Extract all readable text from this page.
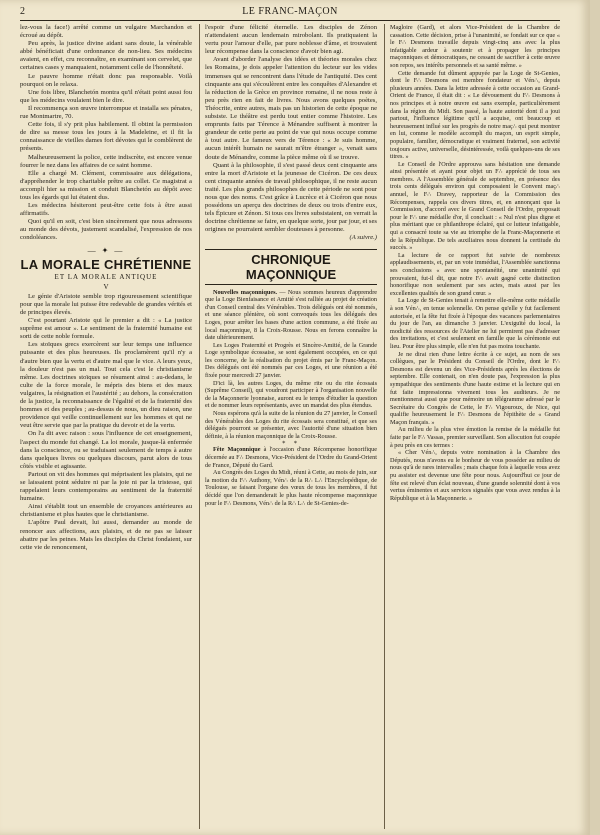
2	LE FRANC-MAÇON

lez-vous la face!) arrêté comme un vulgaire Marchandon et écroué au dépôt.

Peu après, la justice divine aidant sans doute, la vénérable abbé bénéficiait d'une ordonnance de non-lieu. Ses médecins avaient, en effet, cru reconnaître, en examinant son cervelet, que certaines cases y manquaient, notamment celle de l'honnêteté.

Le pauvre homme n'était donc pas responsable. Voilà pourquoi on le relaxa.

Une fois libre, Blanchetón montra qu'il n'était point aussi fou que les médecins voulaient bien le dire.

Il recommença son œuvre interrompue et installa ses pénates, rue Montmartre, 70.

Cette fois, il s'y prit plus habilement. Il obtint la permission de dire sa messe tous les jours à la Madeleine, et il fit la connaissance de vieilles dames fort dévotes qui le comblèrent de présents.

Malheureusement la police, cette indiscrète, est encore venue fourrer le nez dans les affaires de ce saint homme.

Elle a chargé M. Clément, commissaire aux délégations, d'appréhender le trop charitable prêtre au collet. Ce magistrat a accompli hier sa mission et conduit Blanchetón au dépôt avec tous les égards qui lui étaient dus.

Les médecins hésiteront peut-être cette fois à être aussi affirmatifs.

Quoi qu'il en soit, c'est bien sincèrement que nous adressons au monde des dévots, justement scandalisé, l'expression de nos condoléances.

— ✦ —
LA MORALE CHRÉTIENNE
ET LA MORALE ANTIQUE
V

Le génie d'Aristote semble trop rigoureusement scientifique pour que la morale lui puisse être redevable de grandes vérités et de principes élevés.

C'est pourtant Aristote qui le premier a dit : « La justice suprême est amour ». Le sentiment de la fraternité humaine est sorti de cette noble formule.

Les stoïques grecs exercèrent sur leur temps une influence puissante et des plus heureuses. Ils proclamèrent qu'il n'y a d'autre bien que la vertu et d'autre mal que le vice. A leurs yeux, la douleur n'est pas un mal. Tout cela c'est le christianisme même. Les doctrines stoïques se résument ainsi : au-dedans, le culte de la force morale, le mépris des biens et des maux vulgaires, la résignation et l'austérité ; au dehors, la consécration de la justice, la reconnaissance de l'égalité et de la fraternité des hommes et des peuples ; au-dessus de nous, un dieu raison, une providence qui veille continuellement sur les hommes et qui ne veut être servie que par la pratique du devoir et de la vertu.

On l'a dit avec raison : sous l'influence de cet enseignement, l'aspect du monde fut changé. La loi morale, jusque-là enfermée dans la conscience, ou se traduisant seulement de temps à autre dans quelques livres ou quelques discours, parut alors de tous côtés visible et agissante.

Partout on vit des hommes qui méprisaient les plaisirs, qui ne se laissaient point séduire ni par la joie ni par la tristesse, qui rappelaient leurs contemporains au sentiment de la fraternité humaine.

Ainsi s'établit tout un ensemble de croyances antérieures au christianisme et plus hautes que le christianisme.

L'apôtre Paul devait, lui aussi, demander au monde de renoncer aux affections, aux plaisirs, et de ne pas se laisser abattre par les peines. Mais les disciples du Christ fondaient, sur cette vie de renoncement,

l'espoir d'une félicité éternelle. Les disciples de Zénon n'attendaient aucun lendemain mirobolant. Ils pratiquaient la vertu pour l'amour d'elle, par pure noblesse d'âme, et trouvaient leur récompense dans la conscience d'avoir bien agi.

Avant d'aborder l'analyse des idées et théories morales chez les Romains, je dois appeler l'attention du lecteur sur les vides immenses qui se rencontrent dans l'étude de l'antiquité. Des cent cinquante ans qui s'écoulèrent entre les conquêtes d'Alexandre et la réduction de la Grèce en province romaine, il ne nous reste à peu près rien en fait de livres. Nous avons quelques poètes, Théocrite, entre autres, mais pas un historien de cette époque ne subsiste. Le théâtre est perdu tout entier comme l'histoire. Les emprunts faits par Térence à Ménandre suffisent à montrer la grandeur de cette perte au point de vue qui nous occupe comme à tout autre. Le fameux vers de Térence : « Je suis homme, aucun intérêt humain ne saurait m'être étranger », venait sans doute de Ménandre, comme la pièce même où il se trouve.

Quant à la philosophie, il s'est passé deux cent cinquante ans entre la mort d'Aristote et la jeunesse de Cicéron. De ces deux cent cinquante années de travail philosophique, il ne reste aucun traité. Les plus grands philosophes de cette période ne sont pour nous que des noms. C'est grâce à Lucrèce et à Cicéron que nous possédons un aperçu des doctrines de deux ou trois d'entre eux, tels Épicure et Zénon. Si tous ces livres subsistaient, on verrait la doctrine chrétienne se faire, en quelque sorte, jour par jour, et ses origines ne pourraient sembler douteuses à personne.

(A suivre.)
CHRONIQUE MAÇONNIQUE

Nouvelles maçonniques. — Nous sommes heureux d'apprendre que la Loge Bienfaisance et Amitié s'est ralliée au projet de création d'un Conseil central des Vénérables. Trois délégués ont été nommés, et une séance plénière, où sont convoqués tous les délégués des Loges, pour arrêter les bases d'une action commune, a été fixée au local maçonnique, 8 la Croix-Rousse. Nous en ferons connaître la date ultérieurement.

Les Loges Fraternité et Progrès et Sincère-Amitié, de la Grande Loge symbolique écossaise, se sont également occupées, en ce qui les concerne, de la réalisation du projet émis par le Franc-Maçon. Des délégués ont été nommés par ces Loges, et une réunion a été fixée pour mercredi 27 janvier.

D'ici là, les autres Loges, du même rite ou du rite écossais (Suprême Conseil), qui voudront participer à l'organisation nouvelle de la Maçonnerie lyonnaise, auront eu le temps d'étudier la question et de nommer leurs représentants, avec un mandat des plus étendus.

Nous espérons qu'à la suite de la réunion du 27 janvier, le Conseil des Vénérables des Loges du rite écossais sera constitué, et que ses délégués pourront se présenter, avec l'autorité d'une situation bien définie, à la réunion maçonnique de la Croix-Rousse.

∗ ∗

Fête Maçonnique à l'occasion d'une Récompense honorifique décernée au F∴ Desmons, Vice-Président de l'Ordre du Grand-Orient de France, Député du Gard.

Au Congrès des Loges du Midi, réuni à Cette, au mois de juin, sur la motion du F∴ Authony, Vén∴ de la R∴ L∴ l'Encyclopédique, de Toulouse, se faisant l'organe des vœux de tous les membres, il fut décidé que l'on demanderait le plus haute récompense maçonnique pour le F∴ Desmons, Vén∴ de la R∴ L∴ de St-Genies-de-

Magloire (Gard), et alors Vice-Président de la Chambre de cassation. Cette décision, prise à l'unanimité, se fondait sur ce que « le F∴ Desmons travaille depuis vingt-cinq ans avec la plus infatigable ardeur à soutenir et à propager les principes maçonniques et démocratiques, ne cessant de sacrifier à cette œuvre son repos, ses intérêts personnels et sa santé même. »

Cette demande fut dûment appuyée par la Loge de St-Genies, dont le F∴ Desmons est membre fondateur et Vén∴, depuis plusieurs années. Dans la lettre adressée à cette occasion au Grand-Orient de France, il était dit : « Le dévouement du F∴ Desmons à nos principes et à notre œuvre est sans exemple, particulièrement dans la région du Midi. Son passé, la haute autorité dont il a joui partout, l'influence légitime qu'il a acquise, ont beaucoup et heureusement influé sur les progrès de notre maç∴ qui peut montrer en lui, comme le modèle accompli du maçon, un esprit simple, populaire, familier, démocratique et vraiment fraternel, son activité toujours active, universelle, désintéressée, voilà quelques-uns de ses titres. »

Le Conseil de l'Ordre approuva sans hésitation une demande ainsi présentée et ayant pour objet un F∴ apprécié de tous ses membres. A l'Assemblée générale de septembre, en présence des trois cents délégués environ qui composaient le Convent maç∴ annuel, le F∴ Dravey, rapporteur de la Commission des Récompenses, rappela ces divers titres, et, en annonçant que la Commission, d'accord avec le Grand Conseil de l'Ordre, proposait pour le F∴ une médaille d'or, il concluait : « Nul n'est plus digne et plus méritant que ce philanthrope éclairé, qui ce lutteur infatigable, qui a consacré toute sa vie au triomphe de la Franc-Maçonnerie et de la République. De tels auxiliaires nous donnent la certitude du succès. »

La lecture de ce rapport fut suivie de nombreux applaudissements, et, par un vote immédiat, l'Assemblée sanctionna ses conclusions « avec une spontanéité, une unanimité qui prouvaient, fut-il dit, que notre F∴ avait gagné cette distinction honorifique non seulement par ses actes, mais aussi par les excellentes qualités de son grand cœur. »

La Loge de St-Genies tenait à remettre elle-même cette médaille à son Vén∴, en tenue solennelle. On pense qu'elle y fut facilement autorisée, et la fête fut fixée à l'époque des vacances parlementaires du jour de l'an, au dimanche 3 janvier. L'exiguïté du local, la modicité des ressources de l'Atelier ne lui permirent pas d'adresser des invitations, et c'est seulement en famille que la cérémonie eut lieu. Pour être plus simple, elle n'en fut pas moins touchante.

Je ne dirai rien d'une lettre écrite à ce sujet, au nom de ses collègues, par le Président du Conseil de l'Ordre, dont le F∴ Desmons est devenu un des Vice-Présidents après les élections de septembre. Elle contenait, on n'en doute pas, l'expression la plus sympathique des sentiments d'une haute estime et la lecture qui en fut faite impressionna vivement tous les auditeurs. Je ne mentionnerai aussi que pour mémoire un télégramme adressé par le Secrétaire du Congrès de Cette, le F∴ Vigouroux, de Nice, qui qualifie heureusement le F∴ Desmons de l'épithète de « Grand Maçon français. »

Au milieu de la plus vive émotion la remise de la médaille fut faite par le F∴ Vassas, premier surveillant. Son allocution fut coupée à peu près en ces termes :

« Cher Vén∴, depuis votre nomination à la Chambre des Députés, nous n'avons eu le bonheur de vous posséder au milieu de nous qu'à de rares intervalles ; mais chaque fois à laquelle vous avez pu assister est devenue une fête pour nous. Aujourd'hui ce jour de fête est relevé d'un éclat nouveau, d'une grande solennité dont à vos vertus éminentes et aux services signalés que vous avez rendus à la République et à la Maçonnerie. »
